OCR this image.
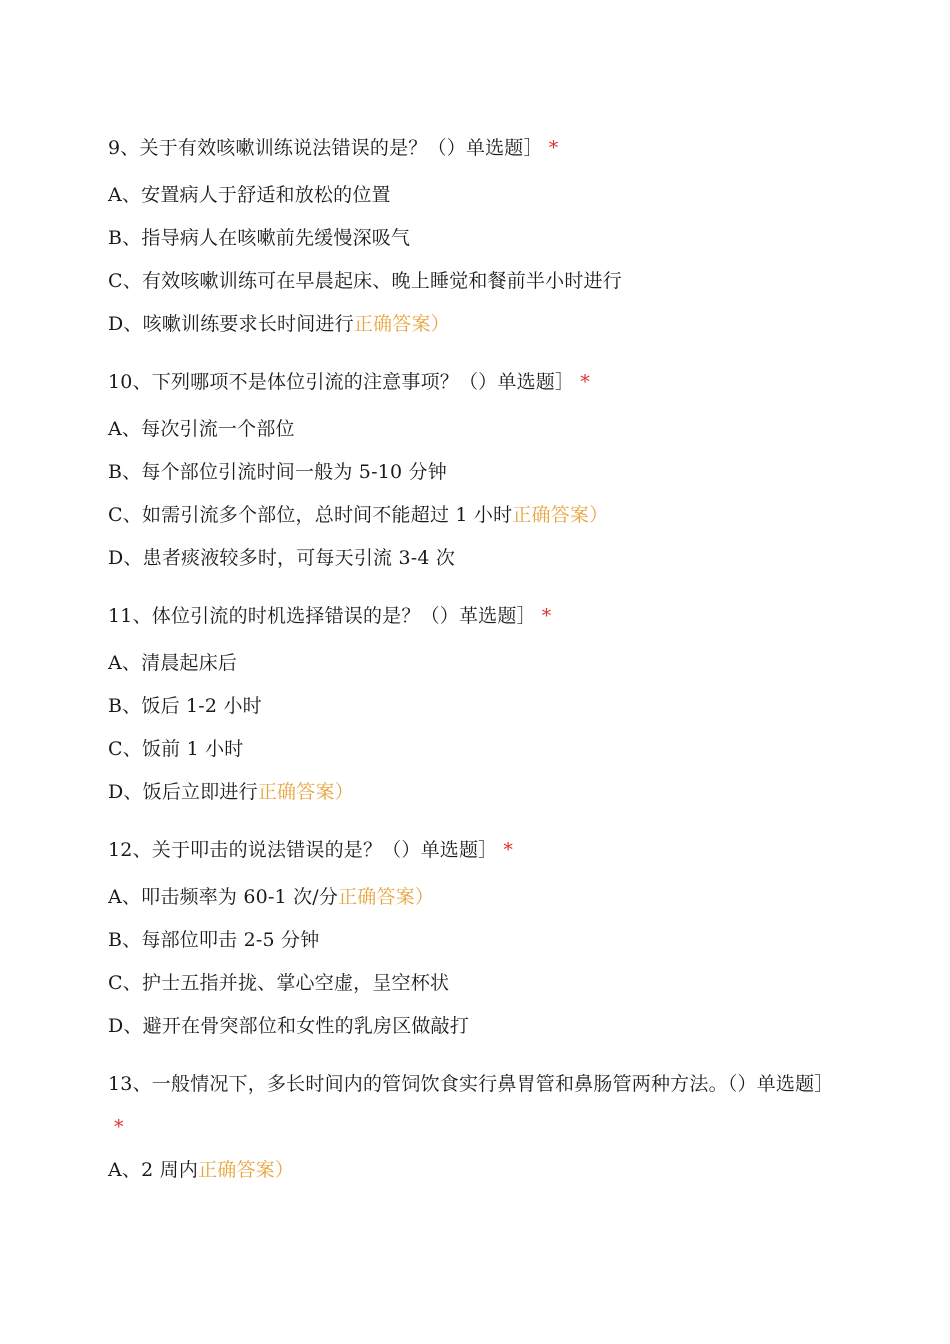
9、关于有效咳嗽训练说法错误的是？（）单选题］ *

A、安置病人于舒适和放松的位置

B、指导病人在咳嗽前先缓慢深吸气

C、有效咳嗽训练可在早晨起床、晚上睡觉和餐前半小时进行

D、咳嗽训练要求长时间进行正确答案）

10、下列哪项不是体位引流的注意事项？（）单选题］ *

A、每次引流一个部位

B、每个部位引流时间一般为 5-10 分钟

C、如需引流多个部位，总时间不能超过 1 小时正确答案）

D、患者痰液较多时，可每天引流 3-4 次

11、体位引流的时机选择错误的是？（）革选题］ *

A、清晨起床后

B、饭后 1-2 小时

C、饭前 1 小时

D、饭后立即进行正确答案）

12、关于叩击的说法错误的是？（）单选题］ *

A、叩击频率为 60-1 次/分正确答案）

B、每部位叩击 2-5 分钟

C、护士五指并拢、掌心空虚，呈空杯状

D、避开在骨突部位和女性的乳房区做敲打

13、一般情况下，多长时间内的管饲饮食实行鼻胃管和鼻肠管两种方法。（）单选题］*

A、2 周内正确答案）
